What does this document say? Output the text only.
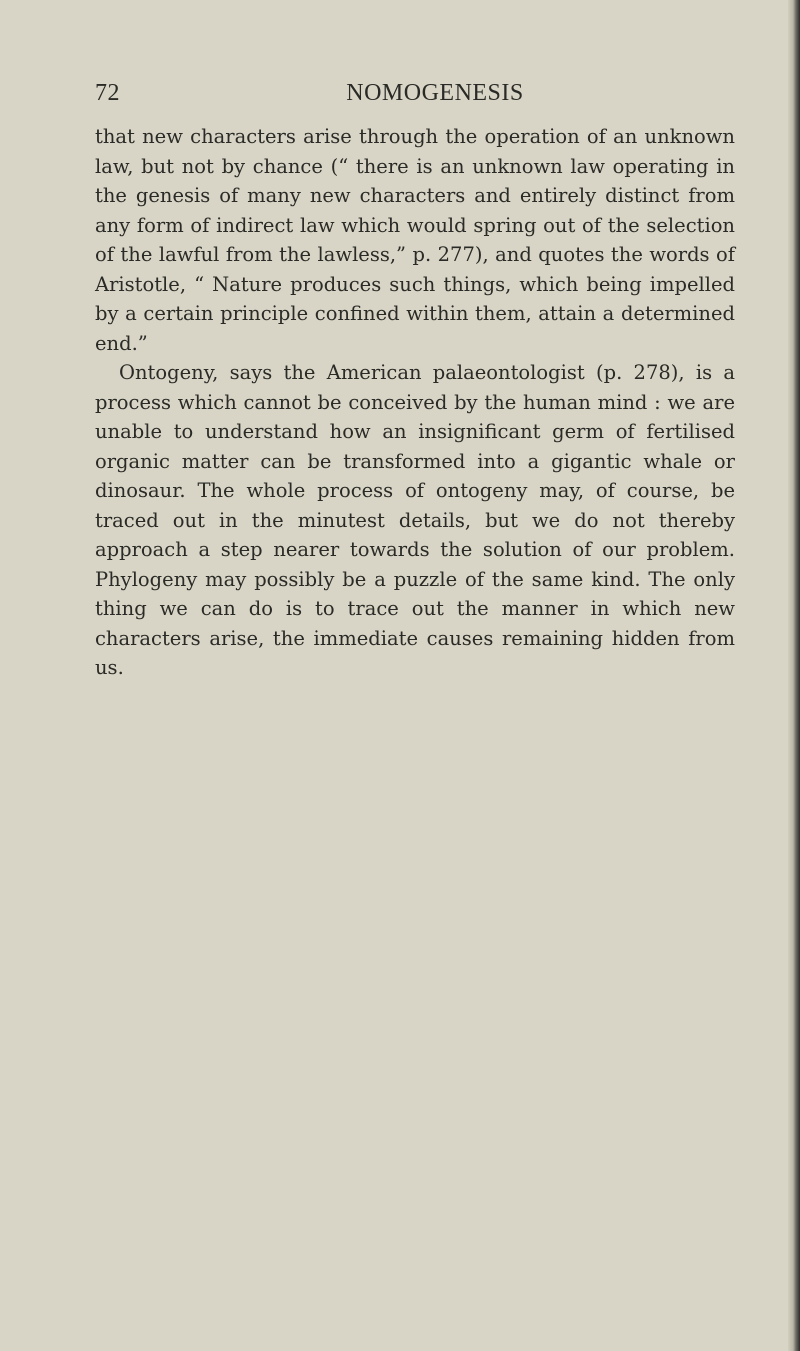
72	NOMOGENESIS

that new characters arise through the operation of an unknown law, but not by chance (“ there is an unknown law operating in the genesis of many new characters and entirely distinct from any form of indirect law which would spring out of the selection of the lawful from the lawless,” p. 277), and quotes the words of Aristotle, “ Nature produces such things, which being impelled by a certain principle confined within them, attain a determined end.”

Ontogeny, says the American palaeontologist (p. 278), is a process which cannot be conceived by the human mind : we are unable to understand how an insignificant germ of fertilised organic matter can be transformed into a gigantic whale or dinosaur. The whole process of ontogeny may, of course, be traced out in the minutest details, but we do not thereby approach a step nearer towards the solution of our problem. Phylogeny may possibly be a puzzle of the same kind. The only thing we can do is to trace out the manner in which new characters arise, the immediate causes remaining hidden from us.
